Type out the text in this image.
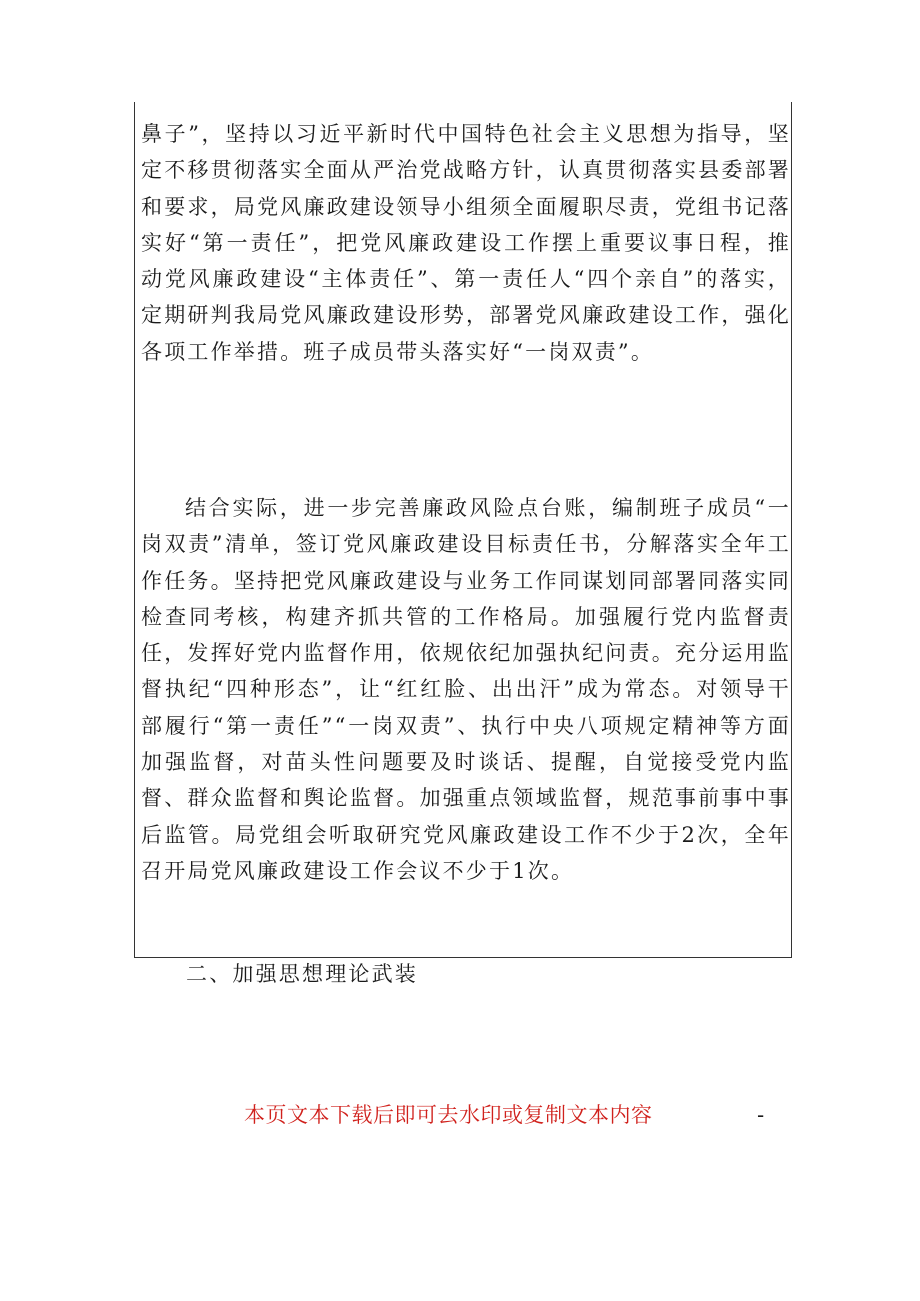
鼻子”，坚持以习近平新时代中国特色社会主义思想为指导，坚定不移贯彻落实全面从严治党战略方针，认真贯彻落实县委部署和要求，局党风廉政建设领导小组须全面履职尽责，党组书记落实好“第一责任”，把党风廉政建设工作摆上重要议事日程，推动党风廉政建设“主体责任”、第一责任人“四个亲自”的落实，定期研判我局党风廉政建设形势，部署党风廉政建设工作，强化各项工作举措。班子成员带头落实好“一岗双责”。

结合实际，进一步完善廉政风险点台账，编制班子成员“一岗双责”清单，签订党风廉政建设目标责任书，分解落实全年工作任务。坚持把党风廉政建设与业务工作同谋划同部署同落实同检查同考核，构建齐抓共管的工作格局。加强履行党内监督责任，发挥好党内监督作用，依规依纪加强执纪问责。充分运用监督执纪“四种形态”，让“红红脸、出出汗”成为常态。对领导干部履行“第一责任”“一岗双责”、执行中央八项规定精神等方面加强监督，对苗头性问题要及时谈话、提醒，自觉接受党内监督、群众监督和舆论监督。加强重点领域监督，规范事前事中事后监管。局党组会听取研究党风廉政建设工作不少于2次，全年召开局党风廉政建设工作会议不少于1次。

二、加强思想理论武装

本页文本下载后即可去水印或复制文本内容	-
